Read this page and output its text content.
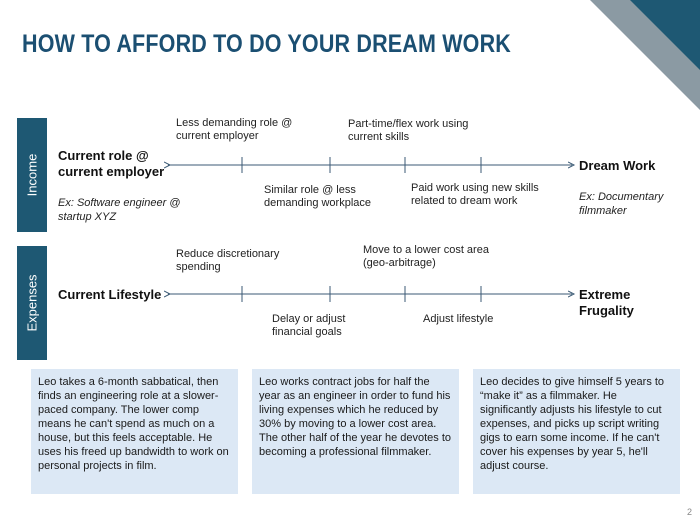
HOW TO AFFORD TO DO YOUR DREAM WORK
Income Current role @ current employer
Ex: Software engineer @ startup XYZ
Dream Work
Ex: Documentary filmmaker
Less demanding role @ current employer
Part-time/flex work using current skills
Similar role @ less demanding workplace
Paid work using new skills related to dream work
Expenses Current Lifestyle	Extreme Frugality
Reduce discretionary spending
Move to a lower cost area (geo-arbitrage)
Delay or adjust financial goals
Adjust lifestyle
Leo takes a 6-month sabbatical, then finds an engineering role at a slower-paced company. The lower comp means he can't spend as much on a house, but this feels acceptable. He uses his freed up bandwidth to work on personal projects in film.
Leo works contract jobs for half the year as an engineer in order to fund his living expenses which he reduced by 30% by moving to a lower cost area. The other half of the year he devotes to becoming a professional filmmaker.
Leo decides to give himself 5 years to “make it” as a filmmaker. He significantly adjusts his lifestyle to cut expenses, and picks up script writing gigs to earn some income. If he can't cover his expenses by year 5, he'll adjust course.
2
